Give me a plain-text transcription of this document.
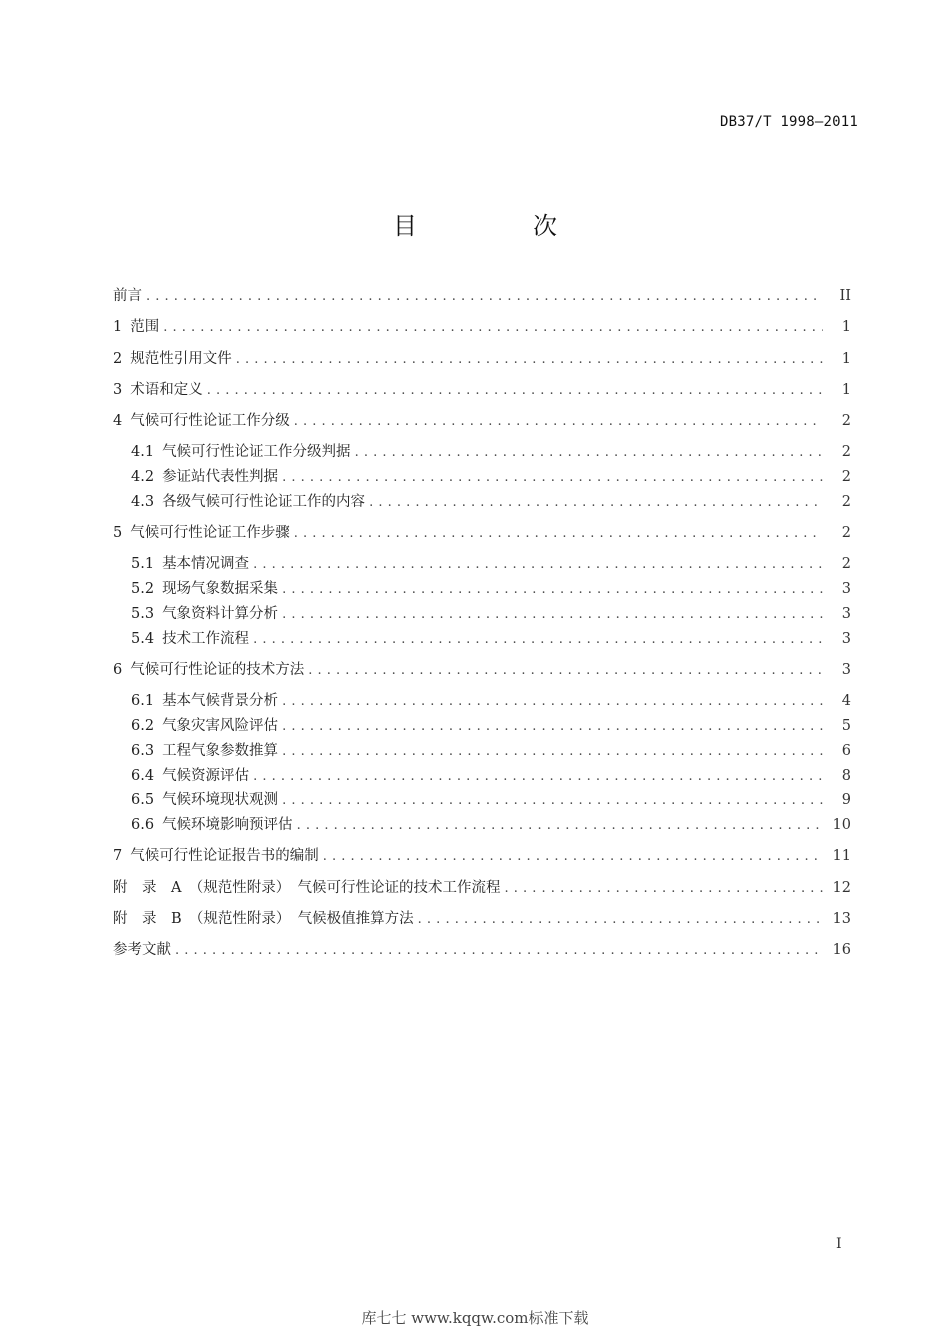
DB37/T 1998—2011
目　次
前言 . . .	II
1 范围 . . .	1
2 规范性引用文件 . . .	1
3 术语和定义 . . .	1
4 气候可行性论证工作分级 . . .	2
4.1 气候可行性论证工作分级判据 . . .	2
4.2 参证站代表性判据 . . .	2
4.3 各级气候可行性论证工作的内容 . . .	2
5 气候可行性论证工作步骤 . . .	2
5.1 基本情况调查 . . .	2
5.2 现场气象数据采集 . . .	3
5.3 气象资料计算分析 . . .	3
5.4 技术工作流程 . . .	3
6 气候可行性论证的技术方法 . . .	3
6.1 基本气候背景分析 . . .	4
6.2 气象灾害风险评估 . . .	5
6.3 工程气象参数推算 . . .	6
6.4 气候资源评估 . . .	8
6.5 气候环境现状观测 . . .	9
6.6 气候环境影响预评估 . . .	10
7 气候可行性论证报告书的编制 . . .	11
附　录　A　（规范性附录）　气候可行性论证的技术工作流程 . . .	12
附　录　B　（规范性附录）　气候极值推算方法 . . .	13
参考文献 . . .	16
I
库七七 www.kqqw.com标准下载
